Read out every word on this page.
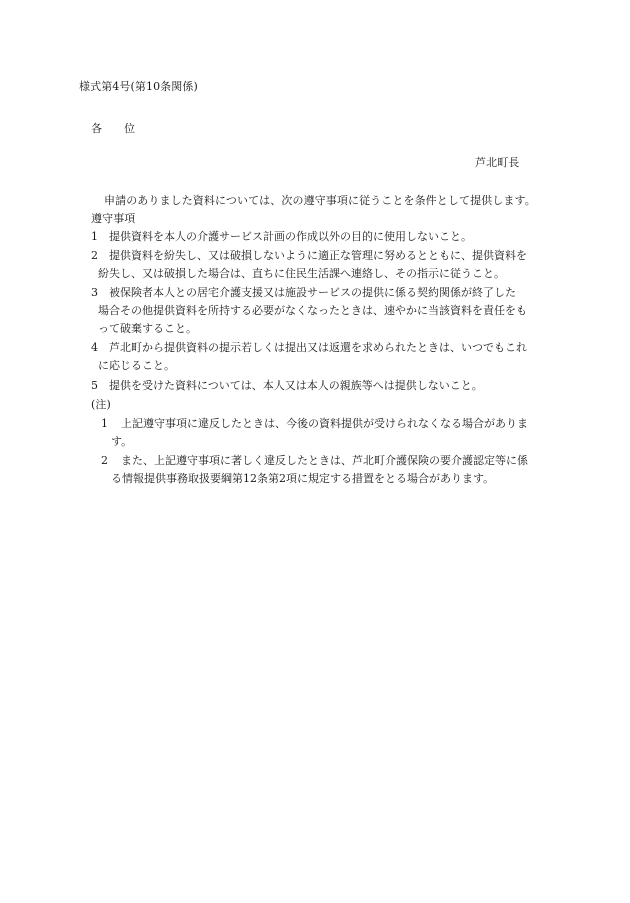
様式第4号(第10条関係)
各 位
芦北町長
申請のありました資料については、次の遵守事項に従うことを条件として提供します。
遵守事項
1 提供資料を本人の介護サービス計画の作成以外の目的に使用しないこと。
2 提供資料を紛失し、又は破損しないように適正な管理に努めるとともに、提供資料を
紛失し、又は破損した場合は、直ちに住民生活課へ連絡し、その指示に従うこと。
3 被保険者本人との居宅介護支援又は施設サービスの提供に係る契約関係が終了した
場合その他提供資料を所持する必要がなくなったときは、速やかに当該資料を責任をも
って破棄すること。
4 芦北町から提供資料の提示若しくは提出又は返還を求められたときは、いつでもこれ
に応じること。
5 提供を受けた資料については、本人又は本人の親族等へは提供しないこと。
(注)
1 上記遵守事項に違反したときは、今後の資料提供が受けられなくなる場合がありま
す。
2 また、上記遵守事項に著しく違反したときは、芦北町介護保険の要介護認定等に係
る情報提供事務取扱要綱第12条第2項に規定する措置をとる場合があります。
